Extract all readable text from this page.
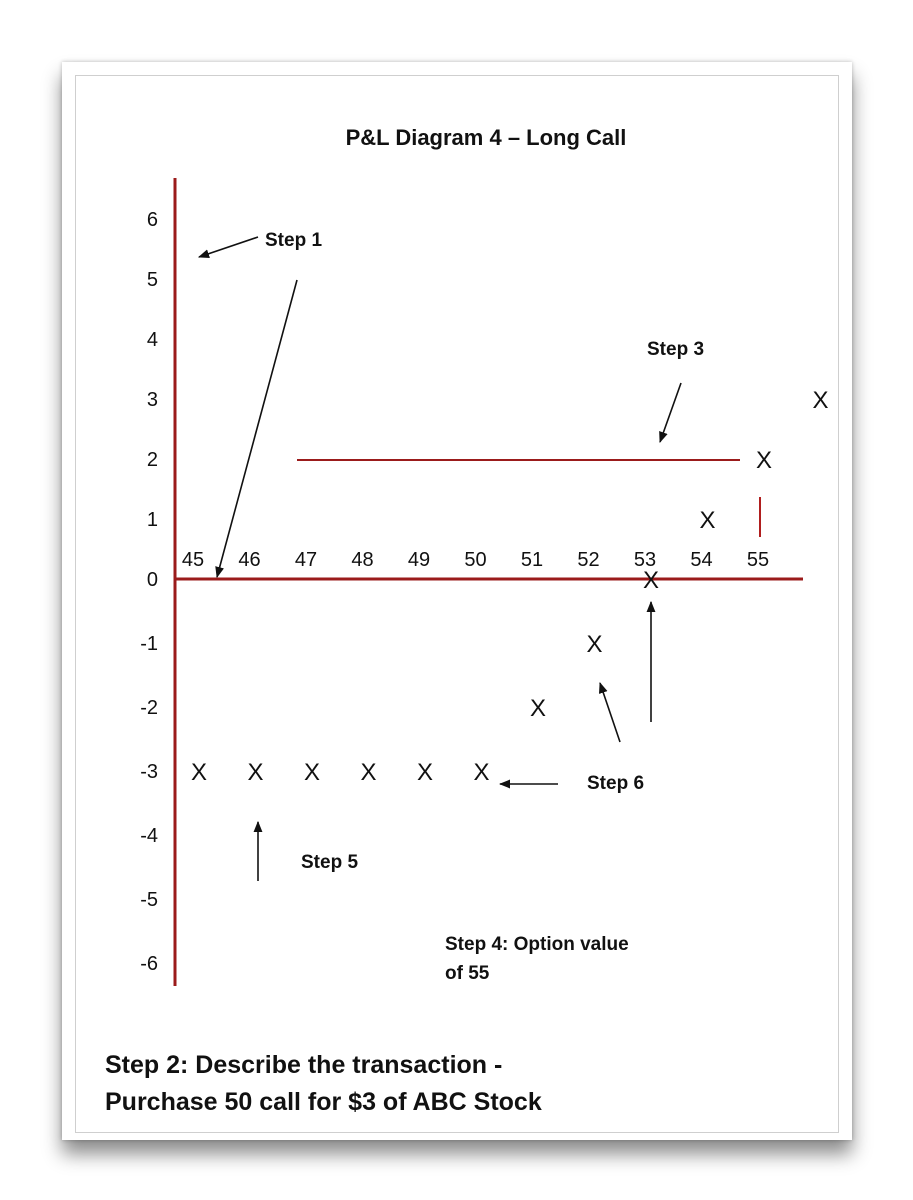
P&L Diagram 4 – Long Call
6
5
4
3
2
1
0
-1
-2
-3
-4
-5
-6
45 46 47 48 49 50 51 52 53 54 55
X X X X X X
X
X
X
X
X
X
Step 1
Step 3
Step 6
Step 5
Step 4: Option value
of 55
Step 2: Describe the transaction -
Purchase 50 call for $3 of ABC Stock
